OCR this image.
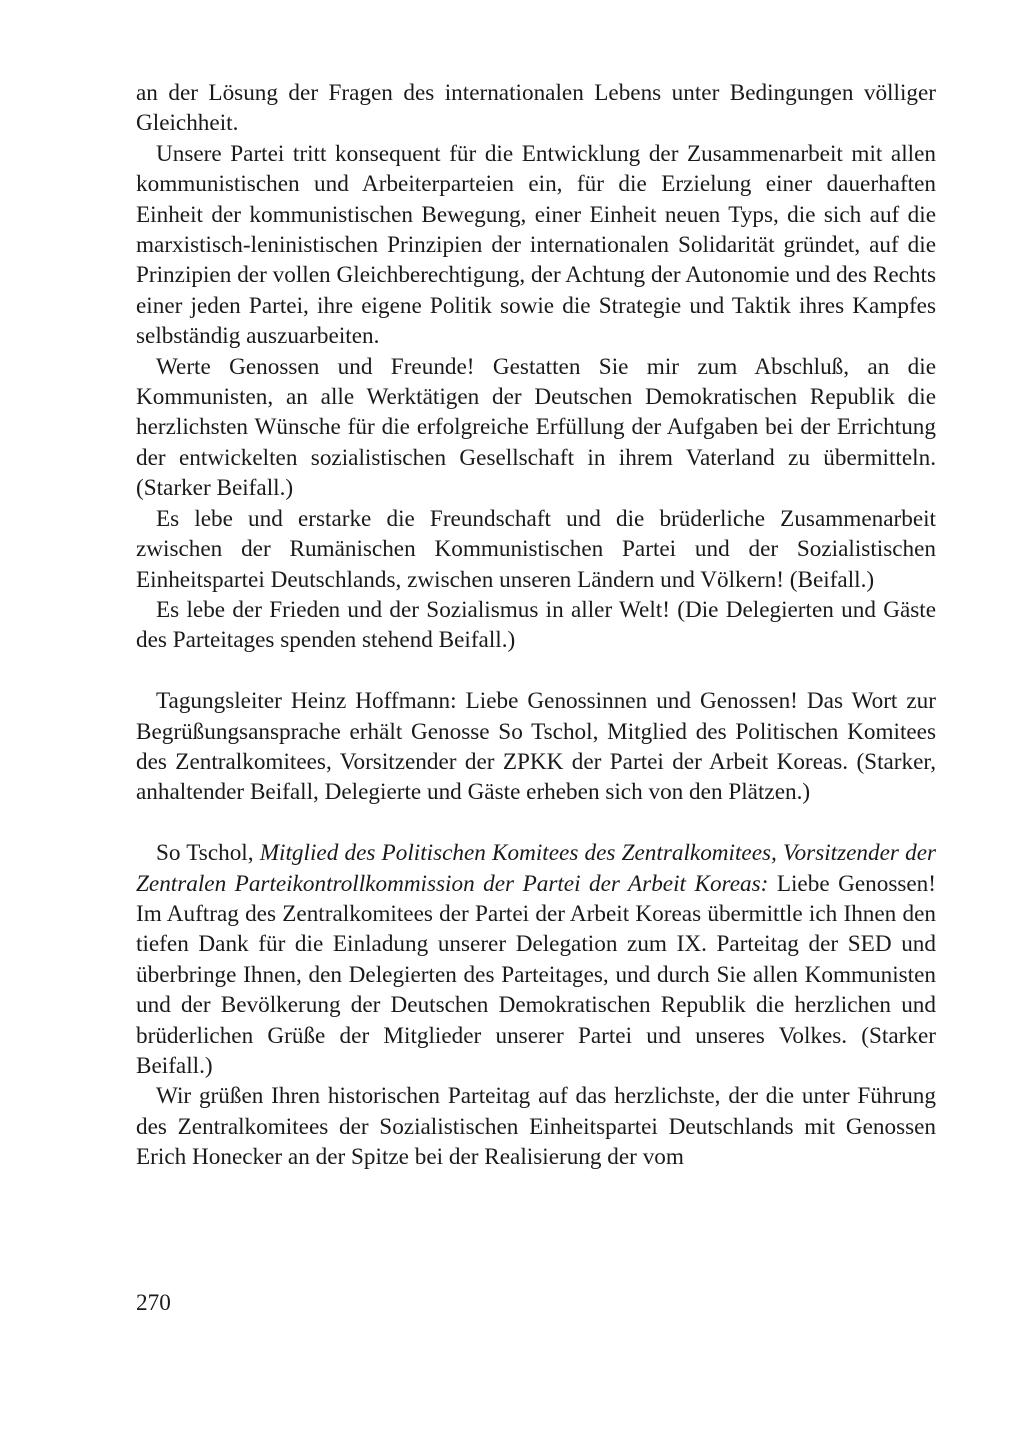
an der Lösung der Fragen des internationalen Lebens unter Bedingungen völliger Gleichheit.

Unsere Partei tritt konsequent für die Entwicklung der Zusammenarbeit mit allen kommunistischen und Arbeiterparteien ein, für die Erzielung einer dauerhaften Einheit der kommunistischen Bewegung, einer Einheit neuen Typs, die sich auf die marxistisch-leninistischen Prinzipien der internationalen Solidarität gründet, auf die Prinzipien der vollen Gleichberechtigung, der Achtung der Autonomie und des Rechts einer jeden Partei, ihre eigene Politik sowie die Strategie und Taktik ihres Kampfes selbständig auszuarbeiten.

Werte Genossen und Freunde! Gestatten Sie mir zum Abschluß, an die Kommunisten, an alle Werktätigen der Deutschen Demokratischen Republik die herzlichsten Wünsche für die erfolgreiche Erfüllung der Aufgaben bei der Errichtung der entwickelten sozialistischen Gesellschaft in ihrem Vaterland zu übermitteln. (Starker Beifall.)

Es lebe und erstarke die Freundschaft und die brüderliche Zusammenarbeit zwischen der Rumänischen Kommunistischen Partei und der Sozialistischen Einheitspartei Deutschlands, zwischen unseren Ländern und Völkern! (Beifall.)

Es lebe der Frieden und der Sozialismus in aller Welt! (Die Delegierten und Gäste des Parteitages spenden stehend Beifall.)

Tagungsleiter Heinz Hoffmann: Liebe Genossinnen und Genossen! Das Wort zur Begrüßungsansprache erhält Genosse So Tschol, Mitglied des Politischen Komitees des Zentralkomitees, Vorsitzender der ZPKK der Partei der Arbeit Koreas. (Starker, anhaltender Beifall, Delegierte und Gäste erheben sich von den Plätzen.)

So Tschol, Mitglied des Politischen Komitees des Zentralkomitees, Vorsitzender der Zentralen Parteikontrollkommission der Partei der Arbeit Koreas: Liebe Genossen! Im Auftrag des Zentralkomitees der Partei der Arbeit Koreas übermittle ich Ihnen den tiefen Dank für die Einladung unserer Delegation zum IX. Parteitag der SED und überbringe Ihnen, den Delegierten des Parteitages, und durch Sie allen Kommunisten und der Bevölkerung der Deutschen Demokratischen Republik die herzlichen und brüderlichen Grüße der Mitglieder unserer Partei und unseres Volkes. (Starker Beifall.)

Wir grüßen Ihren historischen Parteitag auf das herzlichste, der die unter Führung des Zentralkomitees der Sozialistischen Einheitspartei Deutschlands mit Genossen Erich Honecker an der Spitze bei der Realisierung der vom

270
